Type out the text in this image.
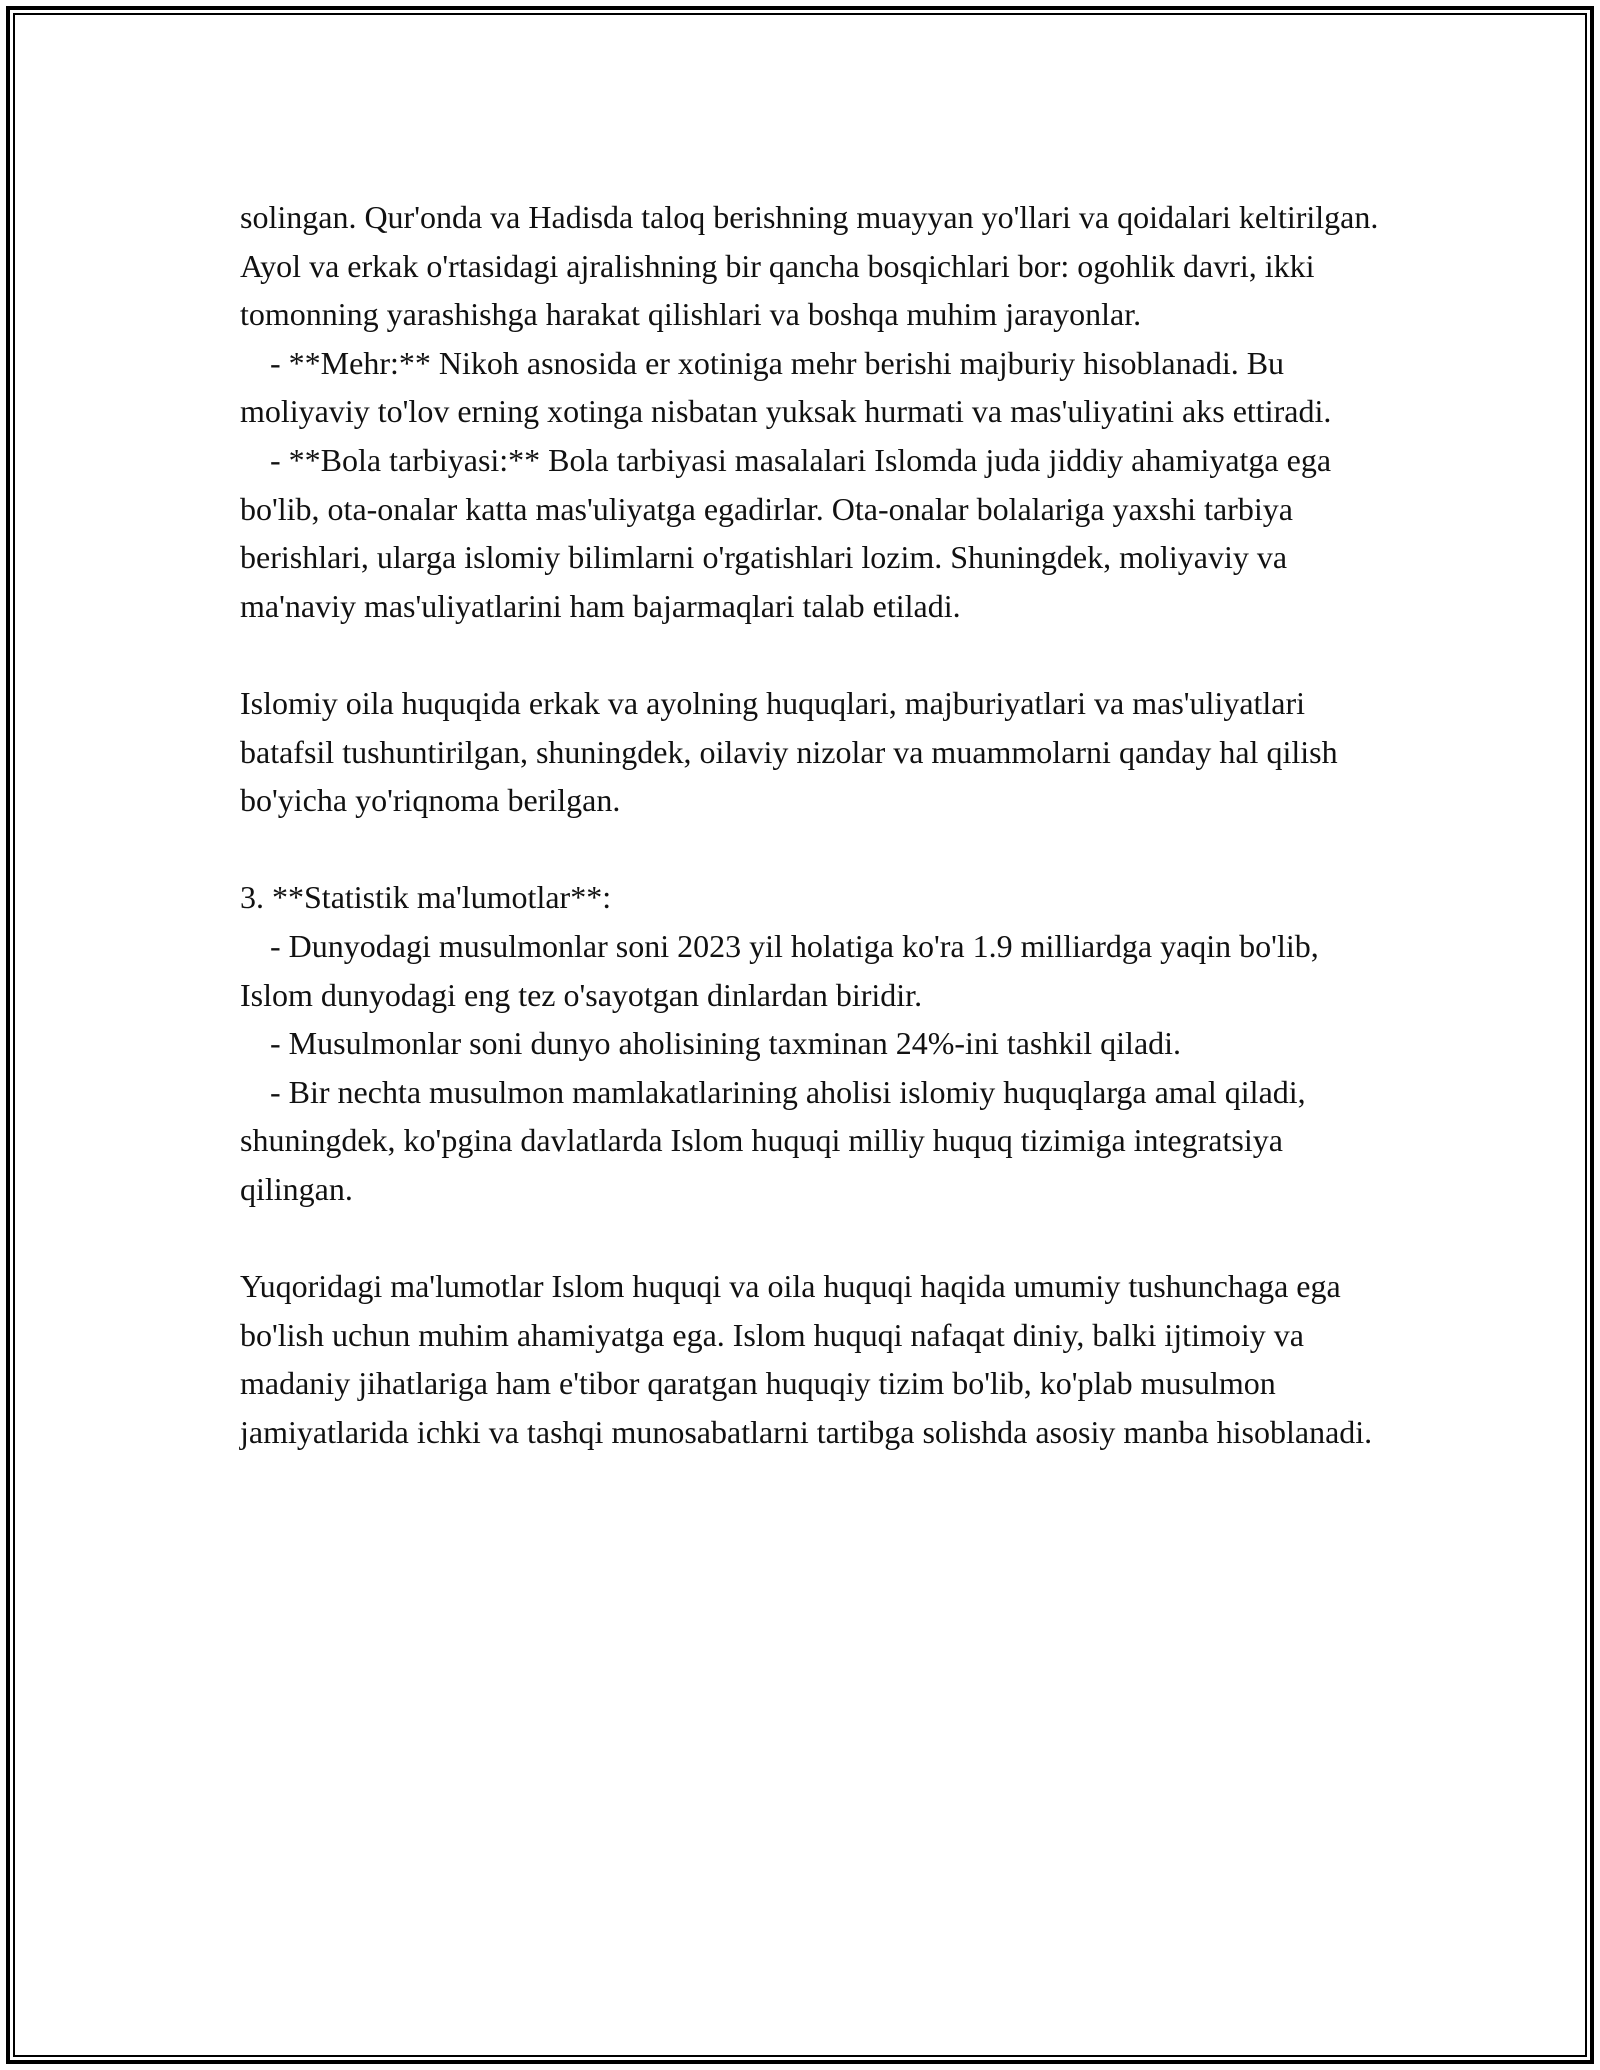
solingan. Qur'onda va Hadisda taloq berishning muayyan yo'llari va qoidalari keltirilgan. Ayol va erkak o'rtasidagi ajralishning bir qancha bosqichlari bor: ogohlik davri, ikki tomonning yarashishga harakat qilishlari va boshqa muhim jarayonlar.

- **Mehr:** Nikoh asnosida er xotiniga mehr berishi majburiy hisoblanadi. Bu moliyaviy to'lov erning xotinga nisbatan yuksak hurmati va mas'uliyatini aks ettiradi.

- **Bola tarbiyasi:** Bola tarbiyasi masalalari Islomda juda jiddiy ahamiyatga ega bo'lib, ota-onalar katta mas'uliyatga egadirlar. Ota-onalar bolalariga yaxshi tarbiya berishlari, ularga islomiy bilimlarni o'rgatishlari lozim. Shuningdek, moliyaviy va ma'naviy mas'uliyatlarini ham bajarmaqlari talab etiladi.

Islomiy oila huquqida erkak va ayolning huquqlari, majburiyatlari va mas'uliyatlari batafsil tushuntirilgan, shuningdek, oilaviy nizolar va muammolarni qanday hal qilish bo'yicha yo'riqnoma berilgan.

3. **Statistik ma'lumotlar**:

- Dunyodagi musulmonlar soni 2023 yil holatiga ko'ra 1.9 milliardga yaqin bo'lib, Islom dunyodagi eng tez o'sayotgan dinlardan biridir.

- Musulmonlar soni dunyo aholisining taxminan 24%-ini tashkil qiladi.

- Bir nechta musulmon mamlakatlarining aholisi islomiy huquqlarga amal qiladi, shuningdek, ko'pgina davlatlarda Islom huquqi milliy huquq tizimiga integratsiya qilingan.

Yuqoridagi ma'lumotlar Islom huquqi va oila huquqi haqida umumiy tushunchaga ega bo'lish uchun muhim ahamiyatga ega. Islom huquqi nafaqat diniy, balki ijtimoiy va madaniy jihatlariga ham e'tibor qaratgan huquqiy tizim bo'lib, ko'plab musulmon jamiyatlarida ichki va tashqi munosabatlarni tartibga solishda asosiy manba hisoblanadi.
